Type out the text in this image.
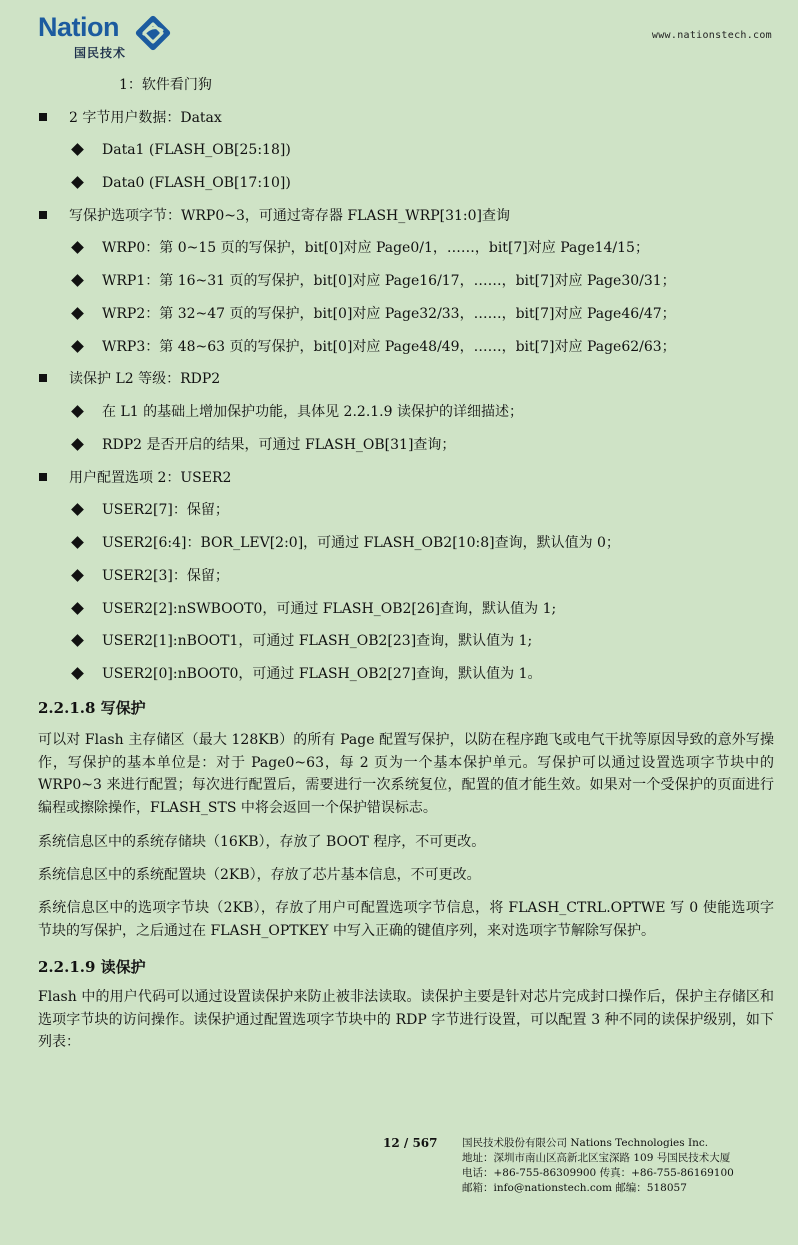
Nation
国民技术
www.nationstech.com
1：软件看门狗
2 字节用户数据：Datax
Data1 (FLASH_OB[25:18])
Data0 (FLASH_OB[17:10])
写保护选项字节：WRP0~3，可通过寄存器 FLASH_WRP[31:0]查询
WRP0：第 0~15 页的写保护，bit[0]对应 Page0/1，……，bit[7]对应 Page14/15；
WRP1：第 16~31 页的写保护，bit[0]对应 Page16/17，……，bit[7]对应 Page30/31；
WRP2：第 32~47 页的写保护，bit[0]对应 Page32/33，……，bit[7]对应 Page46/47；
WRP3：第 48~63 页的写保护，bit[0]对应 Page48/49，……，bit[7]对应 Page62/63；
读保护 L2 等级：RDP2
在 L1 的基础上增加保护功能，具体见 2.2.1.9 读保护的详细描述；
RDP2 是否开启的结果，可通过 FLASH_OB[31]查询；
用户配置选项 2：USER2
USER2[7]：保留；
USER2[6:4]：BOR_LEV[2:0]，可通过 FLASH_OB2[10:8]查询，默认值为 0；
USER2[3]：保留；
USER2[2]:nSWBOOT0，可通过 FLASH_OB2[26]查询，默认值为 1;
USER2[1]:nBOOT1，可通过 FLASH_OB2[23]查询，默认值为 1;
USER2[0]:nBOOT0，可通过 FLASH_OB2[27]查询，默认值为 1。
2.2.1.8 写保护
可以对 Flash 主存储区（最大 128KB）的所有 Page 配置写保护，以防在程序跑飞或电气干扰等原因导致的意外写操作，写保护的基本单位是：对于 Page0~63，每 2 页为一个基本保护单元。写保护可以通过设置选项字节块中的 WRP0~3 来进行配置；每次进行配置后，需要进行一次系统复位，配置的值才能生效。如果对一个受保护的页面进行编程或擦除操作，FLASH_STS 中将会返回一个保护错误标志。
系统信息区中的系统存储块（16KB），存放了 BOOT 程序，不可更改。
系统信息区中的系统配置块（2KB），存放了芯片基本信息，不可更改。
系统信息区中的选项字节块（2KB），存放了用户可配置选项字节信息，将 FLASH_CTRL.OPTWE 写 0 使能选项字节块的写保护，之后通过在 FLASH_OPTKEY 中写入正确的键值序列，来对选项字节解除写保护。
2.2.1.9 读保护
Flash 中的用户代码可以通过设置读保护来防止被非法读取。读保护主要是针对芯片完成封口操作后，保护主存储区和选项字节块的访问操作。读保护通过配置选项字节块中的 RDP 字节进行设置，可以配置 3 种不同的读保护级别，如下列表：
12 / 567 国民技术股份有限公司 Nations Technologies Inc.
地址：深圳市南山区高新北区宝深路 109 号国民技术大厦
电话：+86-755-86309900 传真：+86-755-86169100
邮箱：info@nationstech.com 邮编：518057
